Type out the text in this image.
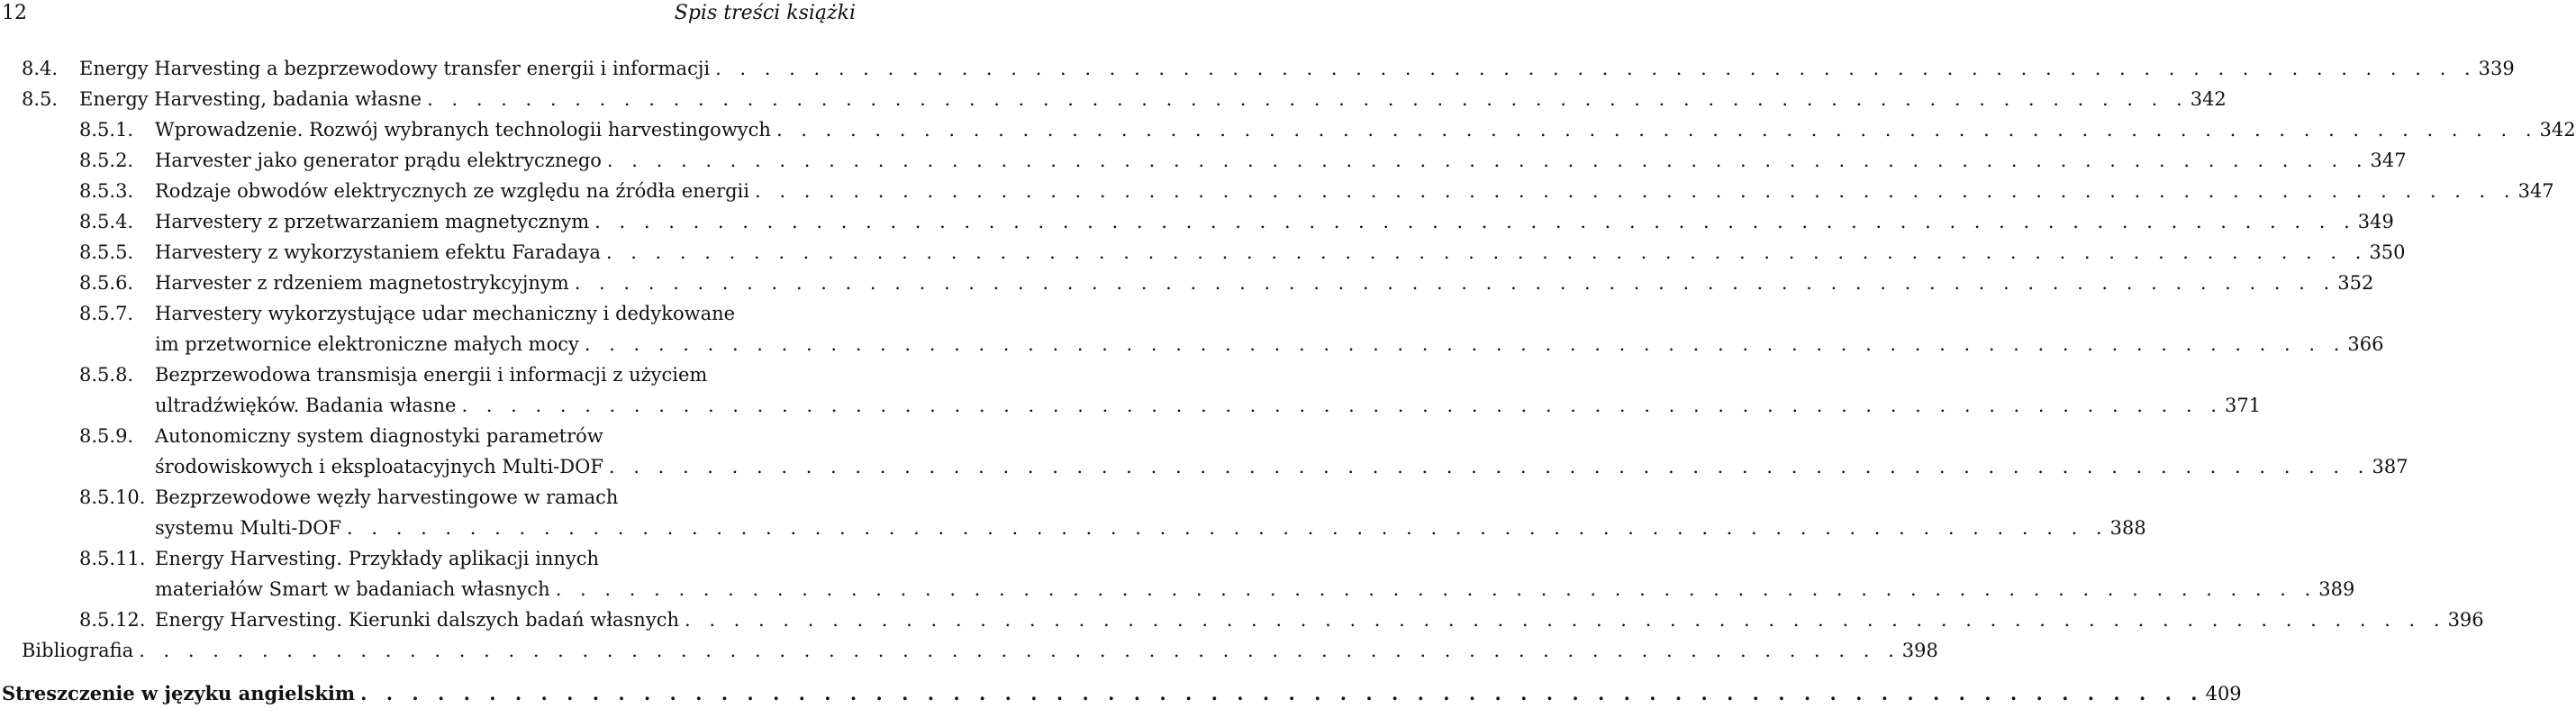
12	Spis treści książki
8.4. Energy Harvesting a bezprzewodowy transfer energii i informacji . . . . . . . . . . . . . . . . . . . . . . . . . . . . . . . . . . . . . . . . . . . . . . . . . . . . . . . . . . . . . . . . . . . . . . . . 339
8.5. Energy Harvesting, badania własne . . . . . . . . . . . . . . . . . . . . . . . . . . . . . . . . . . . . . . . . . . . . . . . . . . . . . . . . . . . . . . . . . . . . . . . . 342
8.5.1. Wprowadzenie. Rozwój wybranych technologii harvestingowych . . . . . . . . . . . . . . . . . . . . . . . . . . . . . . . . . . . . . . . . . . . . . . . . . . . . . . . . . . . . . . . . . . . . . . . . 342
8.5.2. Harvester jako generator prądu elektrycznego . . . . . . . . . . . . . . . . . . . . . . . . . . . . . . . . . . . . . . . . . . . . . . . . . . . . . . . . . . . . . . . . . . . . . . . . 347
8.5.3. Rodzaje obwodów elektrycznych ze względu na źródła energii . . . . . . . . . . . . . . . . . . . . . . . . . . . . . . . . . . . . . . . . . . . . . . . . . . . . . . . . . . . . . . . . . . . . . . . . 347
8.5.4. Harvestery z przetwarzaniem magnetycznym . . . . . . . . . . . . . . . . . . . . . . . . . . . . . . . . . . . . . . . . . . . . . . . . . . . . . . . . . . . . . . . . . . . . . . . . 349
8.5.5. Harvestery z wykorzystaniem efektu Faradaya . . . . . . . . . . . . . . . . . . . . . . . . . . . . . . . . . . . . . . . . . . . . . . . . . . . . . . . . . . . . . . . . . . . . . . . . 350
8.5.6. Harvester z rdzeniem magnetostrykcyjnym . . . . . . . . . . . . . . . . . . . . . . . . . . . . . . . . . . . . . . . . . . . . . . . . . . . . . . . . . . . . . . . . . . . . . . . . 352
8.5.7. Harvestery wykorzystujące udar mechaniczny i dedykowane
im przetwornice elektroniczne małych mocy . . . . . . . . . . . . . . . . . . . . . . . . . . . . . . . . . . . . . . . . . . . . . . . . . . . . . . . . . . . . . . . . . . . . . . . . 366
8.5.8. Bezprzewodowa transmisja energii i informacji z użyciem
ultradźwięków. Badania własne . . . . . . . . . . . . . . . . . . . . . . . . . . . . . . . . . . . . . . . . . . . . . . . . . . . . . . . . . . . . . . . . . . . . . . . . 371
8.5.9. Autonomiczny system diagnostyki parametrów
środowiskowych i eksploatacyjnych Multi-DOF . . . . . . . . . . . . . . . . . . . . . . . . . . . . . . . . . . . . . . . . . . . . . . . . . . . . . . . . . . . . . . . . . . . . . . . . 387
8.5.10. Bezprzewodowe węzły harvestingowe w ramach
systemu Multi-DOF . . . . . . . . . . . . . . . . . . . . . . . . . . . . . . . . . . . . . . . . . . . . . . . . . . . . . . . . . . . . . . . . . . . . . . . . 388
8.5.11. Energy Harvesting. Przykłady aplikacji innych
materiałów Smart w badaniach własnych . . . . . . . . . . . . . . . . . . . . . . . . . . . . . . . . . . . . . . . . . . . . . . . . . . . . . . . . . . . . . . . . . . . . . . . . 389
8.5.12. Energy Harvesting. Kierunki dalszych badań własnych . . . . . . . . . . . . . . . . . . . . . . . . . . . . . . . . . . . . . . . . . . . . . . . . . . . . . . . . . . . . . . . . . . . . . . . . 396
Bibliografia . . . . . . . . . . . . . . . . . . . . . . . . . . . . . . . . . . . . . . . . . . . . . . . . . . . . . . . . . . . . . . . . . . . . . . . . 398
Streszczenie w języku angielskim . . . . . . . . . . . . . . . . . . . . . . . . . . . . . . . . . . . . . . . . . . . . . . . . . . . . . . . . . . . . . . . . . . . . . . . . 409
